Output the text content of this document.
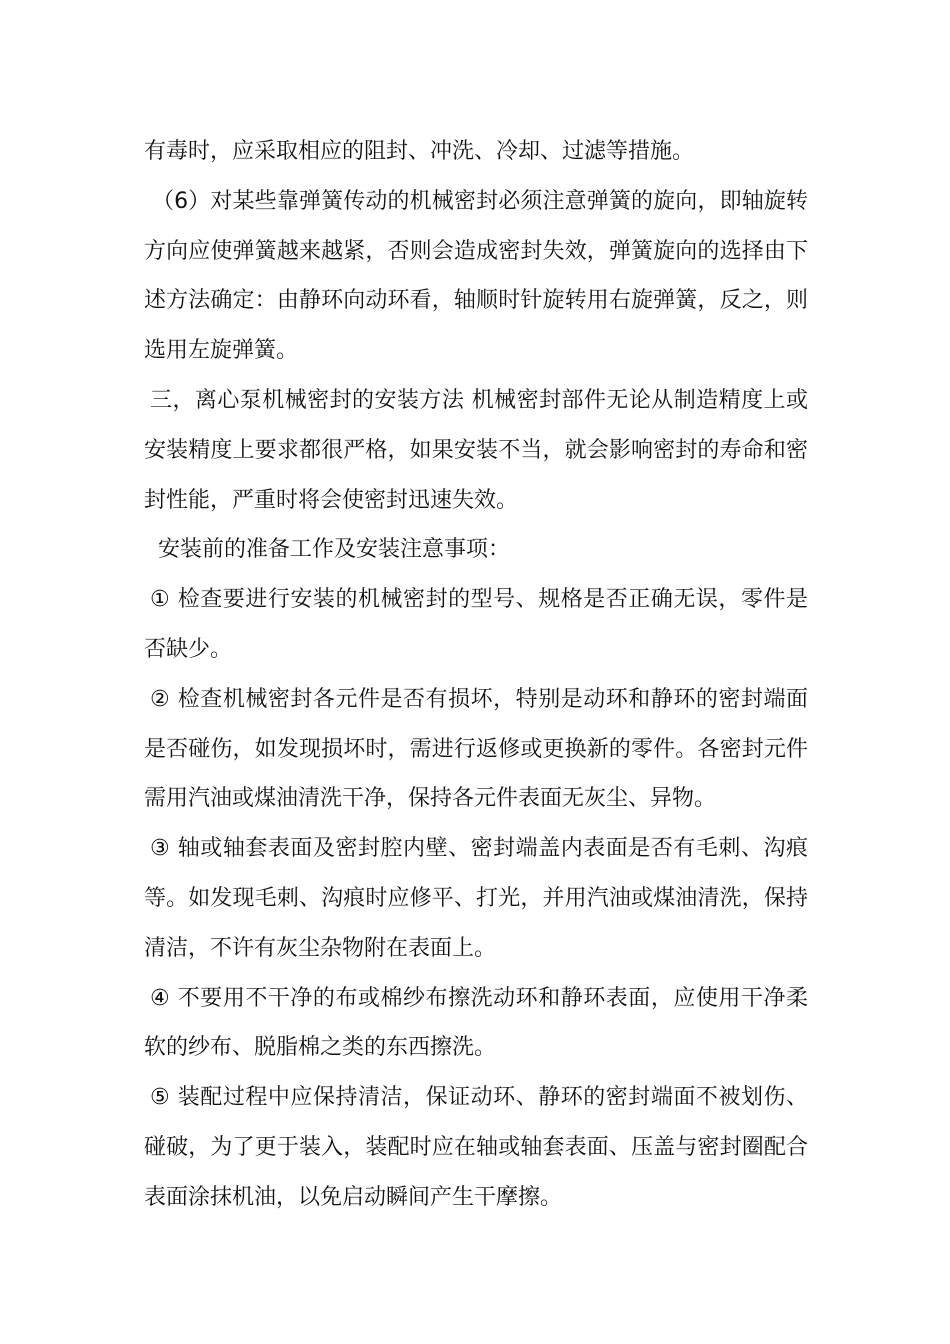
有毒时，应采取相应的阻封、冲洗、冷却、过滤等措施。

（6）对某些靠弹簧传动的机械密封必须注意弹簧的旋向，即轴旋转方向应使弹簧越来越紧，否则会造成密封失效，弹簧旋向的选择由下述方法确定：由静环向动环看，轴顺时针旋转用右旋弹簧，反之，则选用左旋弹簧。

三，离心泵机械密封的安装方法 机械密封部件无论从制造精度上或安装精度上要求都很严格，如果安装不当，就会影响密封的寿命和密封性能，严重时将会使密封迅速失效。

安装前的准备工作及安装注意事项：

① 检查要进行安装的机械密封的型号、规格是否正确无误，零件是否缺少。

② 检查机械密封各元件是否有损坏，特别是动环和静环的密封端面是否碰伤，如发现损坏时，需进行返修或更换新的零件。各密封元件需用汽油或煤油清洗干净，保持各元件表面无灰尘、异物。

③ 轴或轴套表面及密封腔内壁、密封端盖内表面是否有毛刺、沟痕等。如发现毛刺、沟痕时应修平、打光，并用汽油或煤油清洗，保持清洁，不许有灰尘杂物附在表面上。

④ 不要用不干净的布或棉纱布擦洗动环和静环表面，应使用干净柔软的纱布、脱脂棉之类的东西擦洗。

⑤ 装配过程中应保持清洁，保证动环、静环的密封端面不被划伤、碰破，为了更于装入，装配时应在轴或轴套表面、压盖与密封圈配合表面涂抹机油，以免启动瞬间产生干摩擦。
